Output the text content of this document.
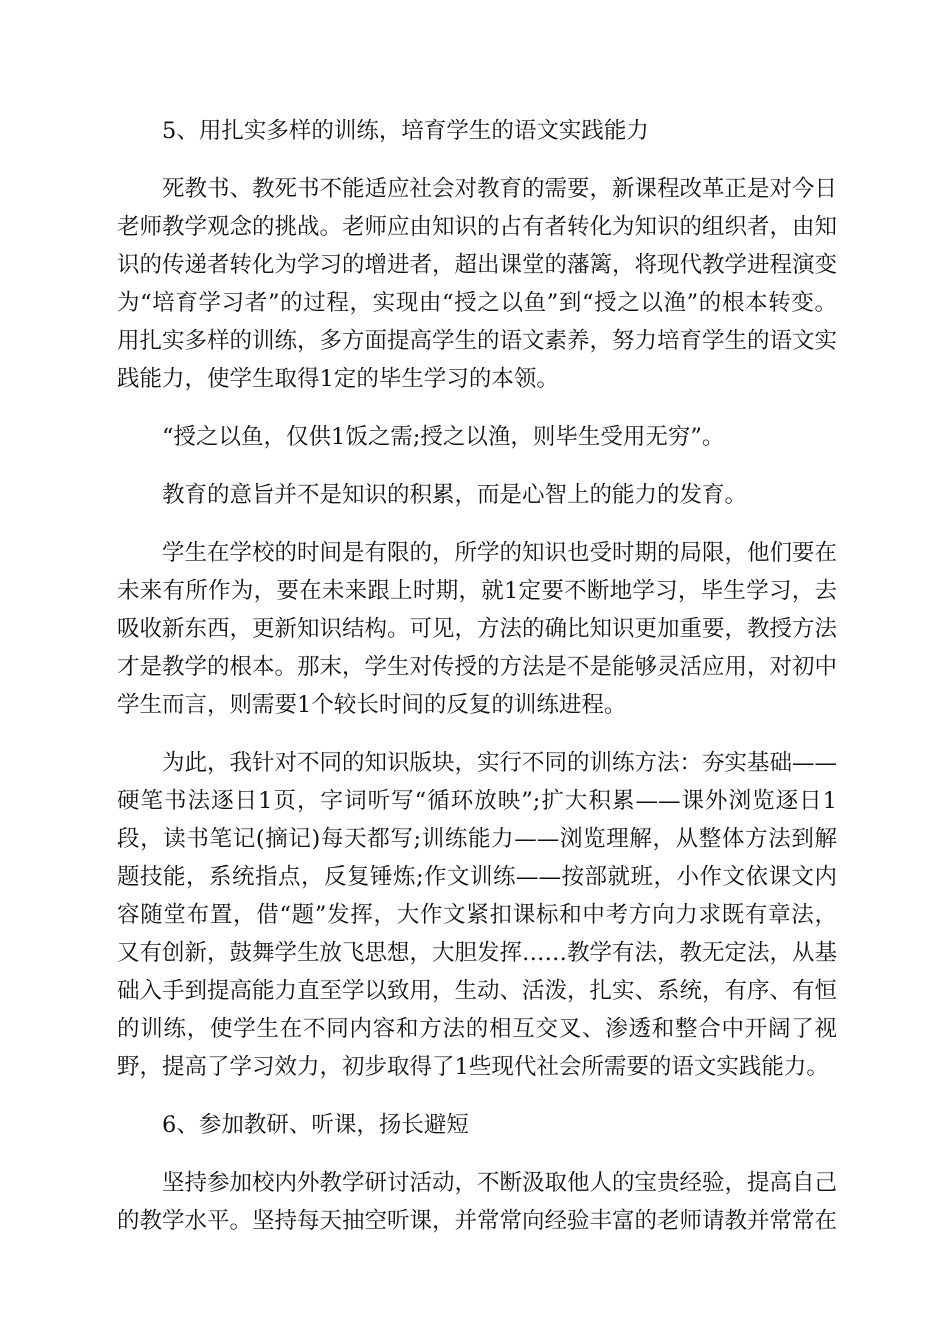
5、用扎实多样的训练，培育学生的语文实践能力

死教书、教死书不能适应社会对教育的需要，新课程改革正是对今日老师教学观念的挑战。老师应由知识的占有者转化为知识的组织者，由知识的传递者转化为学习的增进者，超出课堂的藩篱，将现代教学进程演变为“培育学习者”的过程，实现由“授之以鱼”到“授之以渔”的根本转变。用扎实多样的训练，多方面提高学生的语文素养，努力培育学生的语文实践能力，使学生取得1定的毕生学习的本领。

“授之以鱼，仅供1饭之需;授之以渔，则毕生受用无穷”。

教育的意旨并不是知识的积累，而是心智上的能力的发育。

学生在学校的时间是有限的，所学的知识也受时期的局限，他们要在未来有所作为，要在未来跟上时期，就1定要不断地学习，毕生学习，去吸收新东西，更新知识结构。可见，方法的确比知识更加重要，教授方法才是教学的根本。那末，学生对传授的方法是不是能够灵活应用，对初中学生而言，则需要1个较长时间的反复的训练进程。

为此，我针对不同的知识版块，实行不同的训练方法：夯实基础——硬笔书法逐日1页，字词听写“循环放映”;扩大积累——课外浏览逐日1段，读书笔记(摘记)每天都写;训练能力——浏览理解，从整体方法到解题技能，系统指点，反复锤炼;作文训练——按部就班，小作文依课文内容随堂布置，借“题”发挥，大作文紧扣课标和中考方向力求既有章法，又有创新，鼓舞学生放飞思想，大胆发挥……教学有法，教无定法，从基础入手到提高能力直至学以致用，生动、活泼，扎实、系统，有序、有恒的训练，使学生在不同内容和方法的相互交叉、渗透和整合中开阔了视野，提高了学习效力，初步取得了1些现代社会所需要的语文实践能力。

6、参加教研、听课，扬长避短

坚持参加校内外教学研讨活动，不断汲取他人的宝贵经验，提高自己的教学水平。坚持每天抽空听课，并常常向经验丰富的老师请教并常常在
